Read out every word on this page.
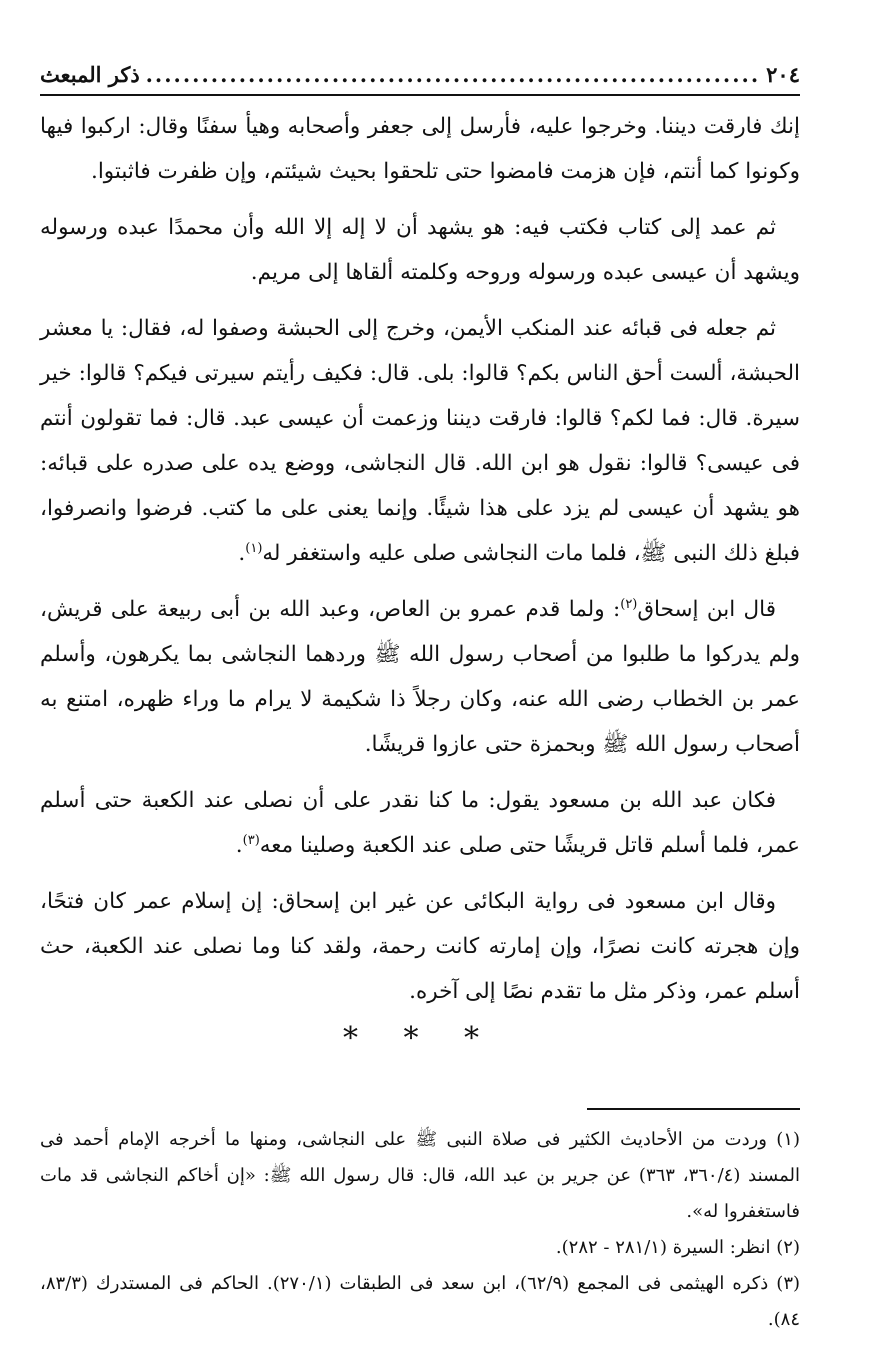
٢٠٤
.....
ذكر المبعث

إنك فارقت ديننا. وخرجوا عليه، فأرسل إلى جعفر وأصحابه وهيأ سفنًا وقال: اركبوا فيها وكونوا كما أنتم، فإن هزمت فامضوا حتى تلحقوا بحيث شيئتم، وإن ظفرت فاثبتوا.

ثم عمد إلى كتاب فكتب فيه: هو يشهد أن لا إله إلا الله وأن محمدًا عبده ورسوله ويشهد أن عيسى عبده ورسوله وروحه وكلمته ألقاها إلى مريم.

ثم جعله فى قبائه عند المنكب الأيمن، وخرج إلى الحبشة وصفوا له، فقال: يا معشر الحبشة، ألست أحق الناس بكم؟ قالوا: بلى. قال: فكيف رأيتم سيرتى فيكم؟ قالوا: خير سيرة. قال: فما لكم؟ قالوا: فارقت ديننا وزعمت أن عيسى عبد. قال: فما تقولون أنتم فى عيسى؟ قالوا: نقول هو ابن الله. قال النجاشى، ووضع يده على صدره على قبائه: هو يشهد أن عيسى لم يزد على هذا شيئًا. وإنما يعنى على ما كتب. فرضوا وانصرفوا، فبلغ ذلك النبى ﷺ، فلما مات النجاشى صلى عليه واستغفر له$^{(١)}$.

قال ابن إسحاق$^{(٢)}$: ولما قدم عمرو بن العاص، وعبد الله بن أبى ربيعة على قريش، ولم يدركوا ما طلبوا من أصحاب رسول الله ﷺ وردهما النجاشى بما يكرهون، وأسلم عمر بن الخطاب رضى الله عنه، وكان رجلاً ذا شكيمة لا يرام ما وراء ظهره، امتنع به أصحاب رسول الله ﷺ وبحمزة حتى عازوا قريشًا.

فكان عبد الله بن مسعود يقول: ما كنا نقدر على أن نصلى عند الكعبة حتى أسلم عمر، فلما أسلم قاتل قريشًا حتى صلى عند الكعبة وصلينا معه$^{(٣)}$.

وقال ابن مسعود فى رواية البكائى عن غير ابن إسحاق: إن إسلام عمر كان فتحًا، وإن هجرته كانت نصرًا، وإن إمارته كانت رحمة، ولقد كنا وما نصلى عند الكعبة، حث أسلم عمر، وذكر مثل ما تقدم نصًا إلى آخره.

* * *

(١) وردت من الأحاديث الكثير فى صلاة النبى ﷺ على النجاشى، ومنها ما أخرجه الإمام أحمد فى المسند (٣٦٠/٤، ٣٦٣) عن جرير بن عبد الله، قال: قال رسول الله ﷺ: «إن أخاكم النجاشى قد مات فاستغفروا له».

(٢) انظر: السيرة (٢٨١/١ - ٢٨٢).

(٣) ذكره الهيثمى فى المجمع (٦٢/٩)، ابن سعد فى الطبقات (٢٧٠/١). الحاكم فى المستدرك (٨٣/٣، ٨٤).
